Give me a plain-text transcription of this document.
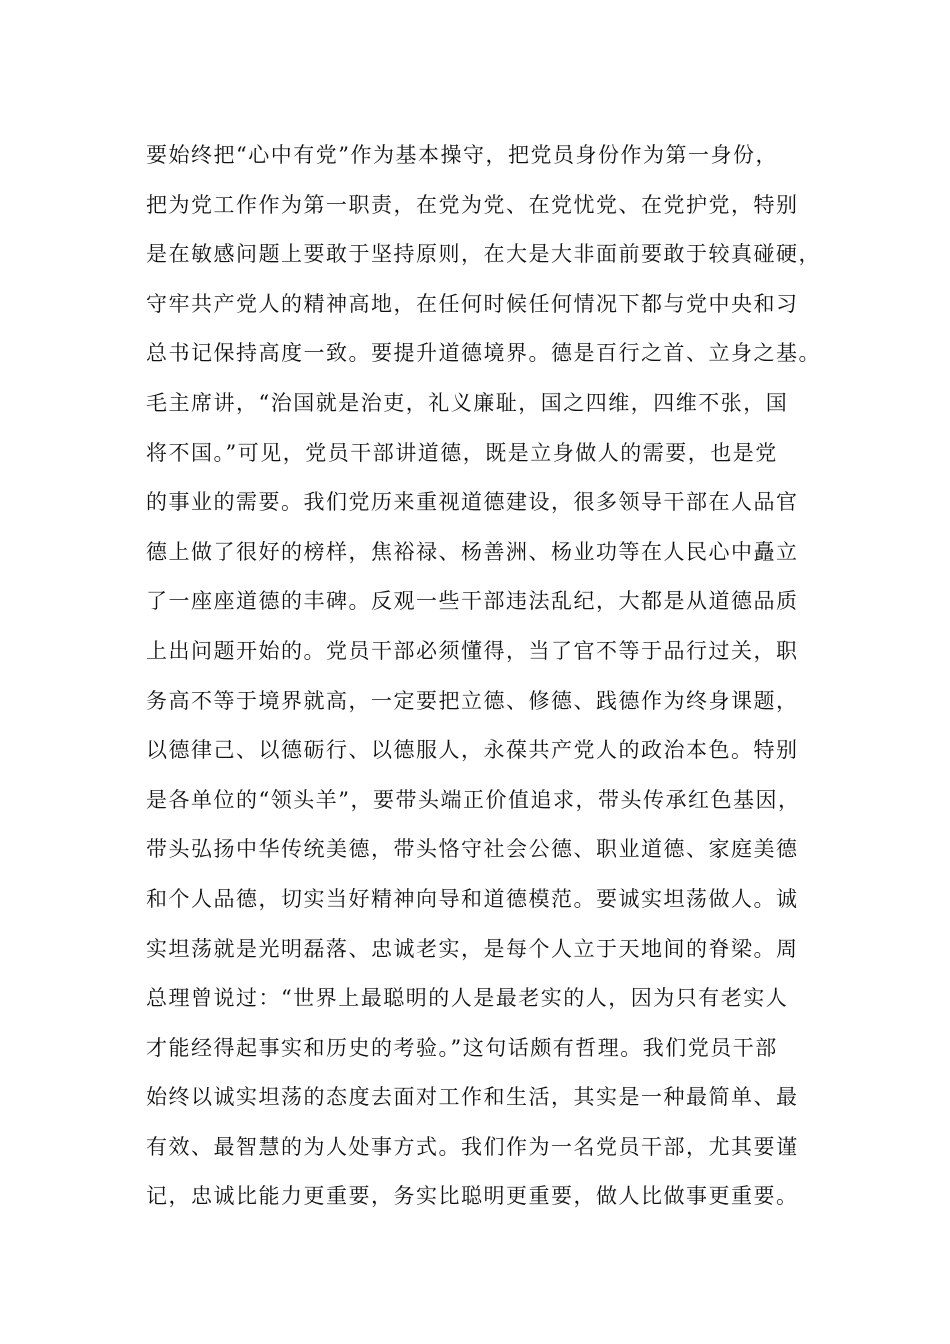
要始终把“心中有党”作为基本操守，把党员身份作为第一身份，
把为党工作作为第一职责，在党为党、在党忧党、在党护党，特别
是在敏感问题上要敢于坚持原则，在大是大非面前要敢于较真碰硬，
守牢共产党人的精神高地，在任何时候任何情况下都与党中央和习
总书记保持高度一致。要提升道德境界。德是百行之首、立身之基。
毛主席讲，“治国就是治吏，礼义廉耻，国之四维，四维不张，国
将不国。”可见，党员干部讲道德，既是立身做人的需要，也是党
的事业的需要。我们党历来重视道德建设，很多领导干部在人品官
德上做了很好的榜样，焦裕禄、杨善洲、杨业功等在人民心中矗立
了一座座道德的丰碑。反观一些干部违法乱纪，大都是从道德品质
上出问题开始的。党员干部必须懂得，当了官不等于品行过关，职
务高不等于境界就高，一定要把立德、修德、践德作为终身课题，
以德律己、以德砺行、以德服人，永葆共产党人的政治本色。特别
是各单位的“领头羊”，要带头端正价值追求，带头传承红色基因，
带头弘扬中华传统美德，带头恪守社会公德、职业道德、家庭美德
和个人品德，切实当好精神向导和道德模范。要诚实坦荡做人。诚
实坦荡就是光明磊落、忠诚老实，是每个人立于天地间的脊梁。周
总理曾说过：“世界上最聪明的人是最老实的人，因为只有老实人
才能经得起事实和历史的考验。”这句话颇有哲理。我们党员干部
始终以诚实坦荡的态度去面对工作和生活，其实是一种最简单、最
有效、最智慧的为人处事方式。我们作为一名党员干部，尤其要谨
记，忠诚比能力更重要，务实比聪明更重要，做人比做事更重要。
